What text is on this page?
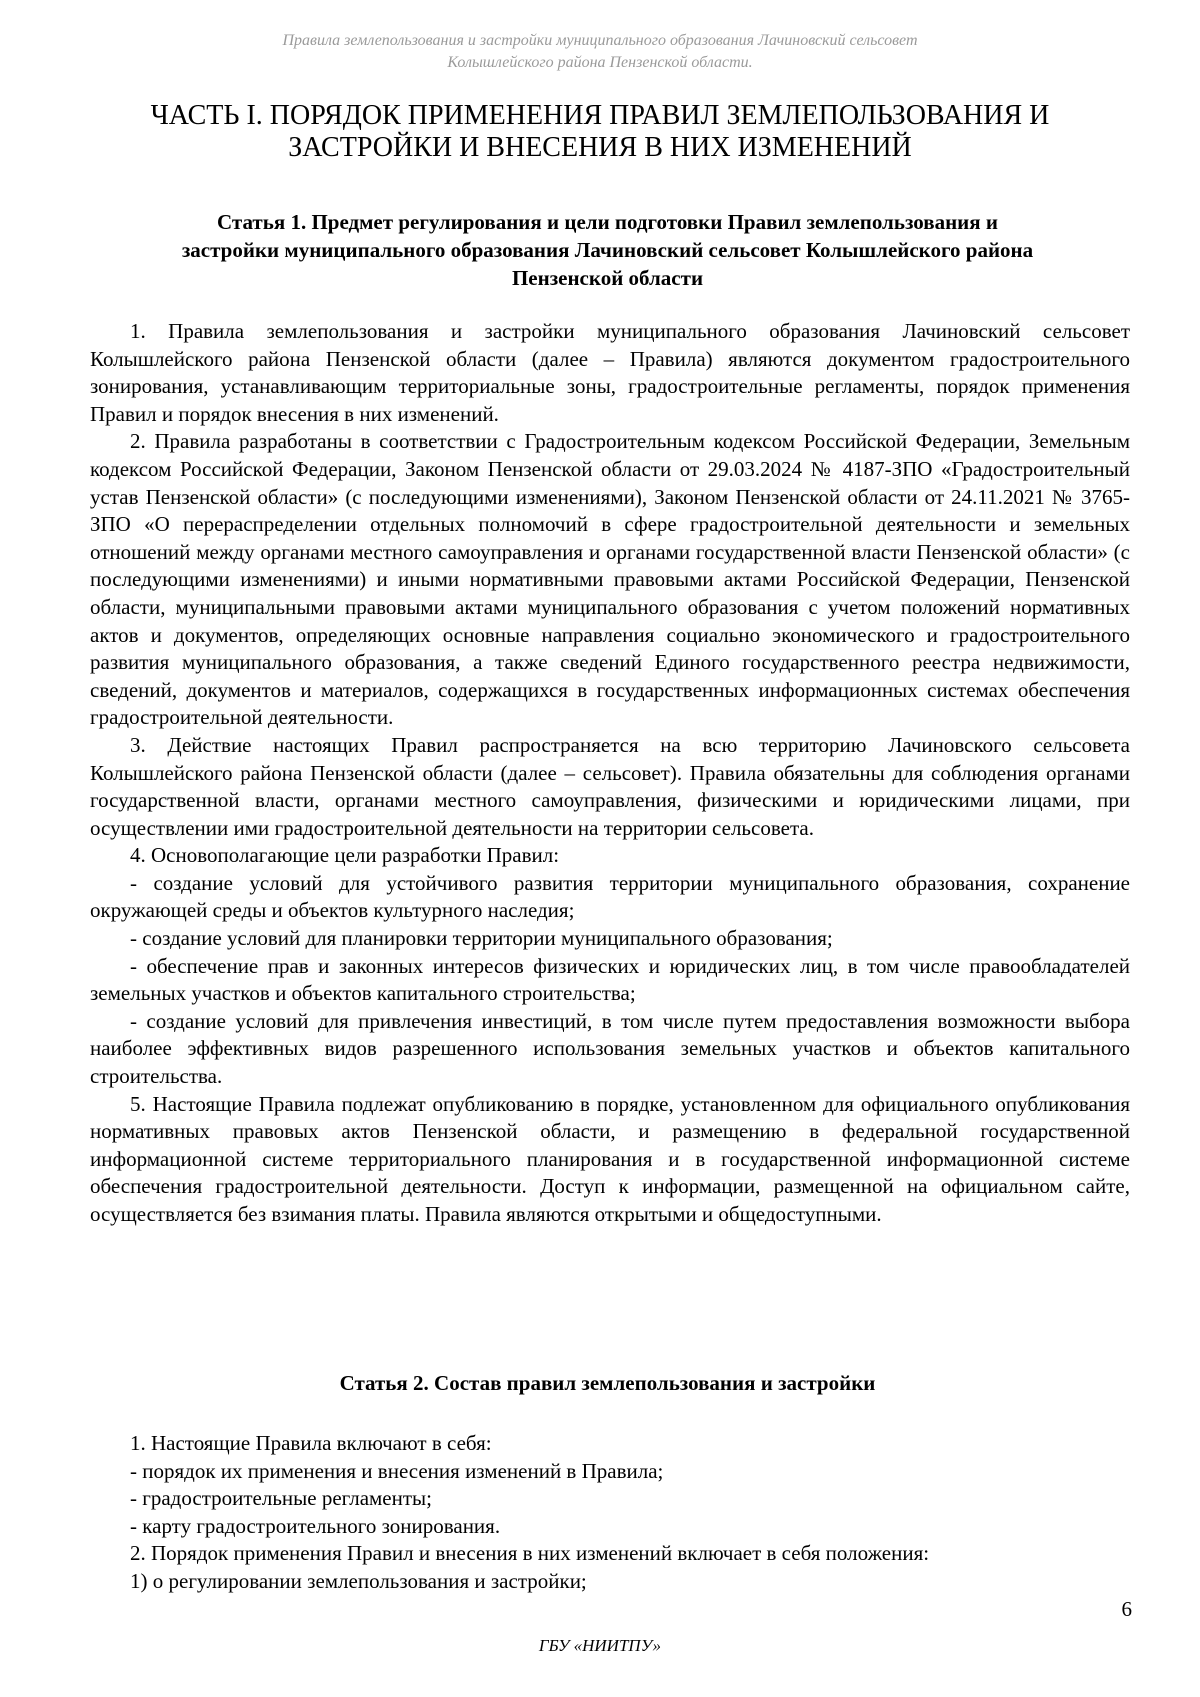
Правила землепользования и застройки муниципального образования Лачиновский сельсовет
Колышлейского района Пензенской области.
ЧАСТЬ I. ПОРЯДОК ПРИМЕНЕНИЯ ПРАВИЛ ЗЕМЛЕПОЛЬЗОВАНИЯ И
ЗАСТРОЙКИ И ВНЕСЕНИЯ В НИХ ИЗМЕНЕНИЙ
Статья 1. Предмет регулирования и цели подготовки Правил землепользования и
застройки муниципального образования Лачиновский сельсовет Колышлейского района
Пензенской области

1. Правила землепользования и застройки муниципального образования Лачиновский сельсовет Колышлейского района Пензенской области (далее – Правила) являются документом градостроительного зонирования, устанавливающим территориальные зоны, градостроительные регламенты, порядок применения Правил и порядок внесения в них изменений.

2. Правила разработаны в соответствии с Градостроительным кодексом Российской Федерации, Земельным кодексом Российской Федерации, Законом Пензенской области от 29.03.2024 № 4187-ЗПО «Градостроительный устав Пензенской области» (с последующими изменениями), Законом Пензенской области от 24.11.2021 № 3765-ЗПО «О перераспределении отдельных полномочий в сфере градостроительной деятельности и земельных отношений между органами местного самоуправления и органами государственной власти Пензенской области» (с последующими изменениями) и иными нормативными правовыми актами Российской Федерации, Пензенской области, муниципальными правовыми актами муниципального образования с учетом положений нормативных актов и документов, определяющих основные направления социально экономического и градостроительного развития муниципального образования, а также сведений Единого государственного реестра недвижимости, сведений, документов и материалов, содержащихся в государственных информационных системах обеспечения градостроительной деятельности.

3. Действие настоящих Правил распространяется на всю территорию Лачиновского сельсовета Колышлейского района Пензенской области (далее – сельсовет). Правила обязательны для соблюдения органами государственной власти, органами местного самоуправления, физическими и юридическими лицами, при осуществлении ими градостроительной деятельности на территории сельсовета.

4. Основополагающие цели разработки Правил:

- создание условий для устойчивого развития территории муниципального образования, сохранение окружающей среды и объектов культурного наследия;

- создание условий для планировки территории муниципального образования;

- обеспечение прав и законных интересов физических и юридических лиц, в том числе правообладателей земельных участков и объектов капитального строительства;

- создание условий для привлечения инвестиций, в том числе путем предоставления возможности выбора наиболее эффективных видов разрешенного использования земельных участков и объектов капитального строительства.

5. Настоящие Правила подлежат опубликованию в порядке, установленном для официального опубликования нормативных правовых актов Пензенской области, и размещению в федеральной государственной информационной системе территориального планирования и в государственной информационной системе обеспечения градостроительной деятельности. Доступ к информации, размещенной на официальном сайте, осуществляется без взимания платы. Правила являются открытыми и общедоступными.

Статья 2. Состав правил землепользования и застройки

1. Настоящие Правила включают в себя:

- порядок их применения и внесения изменений в Правила;

- градостроительные регламенты;

- карту градостроительного зонирования.

2. Порядок применения Правил и внесения в них изменений включает в себя положения:

1) о регулировании землепользования и застройки;

6
ГБУ «НИИТПУ»
